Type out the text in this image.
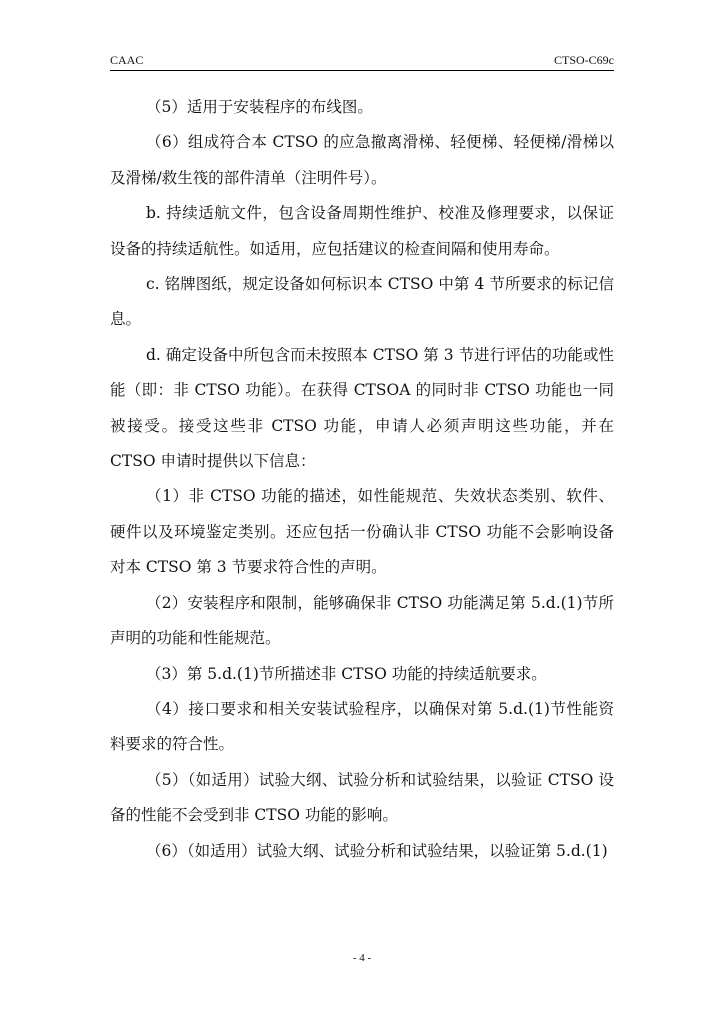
CAAC	CTSO-C69c

（5）适用于安装程序的布线图。

（6）组成符合本 CTSO 的应急撤离滑梯、轻便梯、轻便梯/滑梯以及滑梯/救生筏的部件清单（注明件号）。

b. 持续适航文件，包含设备周期性维护、校准及修理要求，以保证设备的持续适航性。如适用，应包括建议的检查间隔和使用寿命。

c. 铭牌图纸，规定设备如何标识本 CTSO 中第 4 节所要求的标记信息。

d. 确定设备中所包含而未按照本 CTSO 第 3 节进行评估的功能或性能（即：非 CTSO 功能）。在获得 CTSOA 的同时非 CTSO 功能也一同被接受。接受这些非 CTSO 功能，申请人必须声明这些功能，并在 CTSO 申请时提供以下信息：

（1）非 CTSO 功能的描述，如性能规范、失效状态类别、软件、硬件以及环境鉴定类别。还应包括一份确认非 CTSO 功能不会影响设备对本 CTSO 第 3 节要求符合性的声明。

（2）安装程序和限制，能够确保非 CTSO 功能满足第 5.d.(1)节所声明的功能和性能规范。

（3）第 5.d.(1)节所描述非 CTSO 功能的持续适航要求。

（4）接口要求和相关安装试验程序，以确保对第 5.d.(1)节性能资料要求的符合性。

（5）（如适用）试验大纲、试验分析和试验结果，以验证 CTSO 设备的性能不会受到非 CTSO 功能的影响。

（6）（如适用）试验大纲、试验分析和试验结果，以验证第 5.d.(1)

- 4 -
